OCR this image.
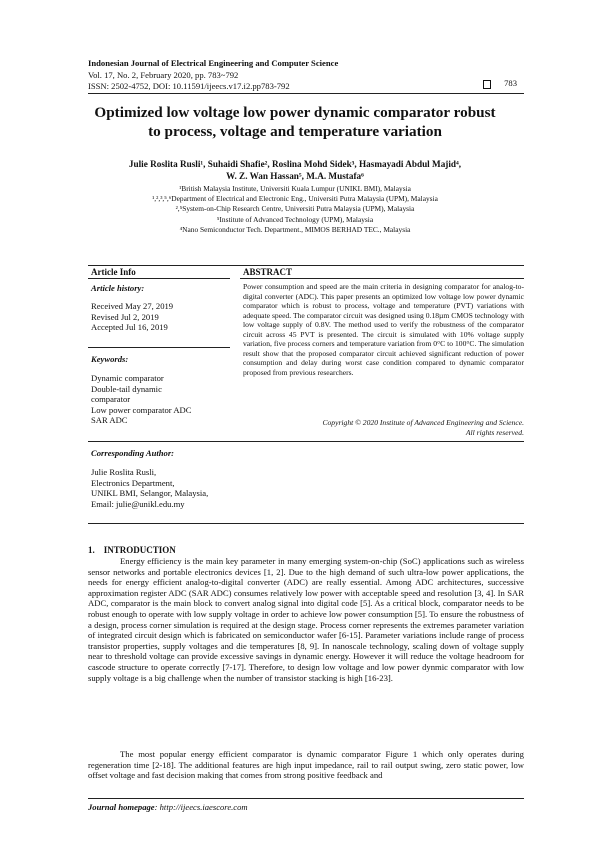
Indonesian Journal of Electrical Engineering and Computer Science
Vol. 17, No. 2, February 2020, pp. 783~792
ISSN: 2502-4752, DOI: 10.11591/ijeecs.v17.i2.pp783-792	783
Optimized low voltage low power dynamic comparator robust
to process, voltage and temperature variation
Julie Roslita Rusli¹, Suhaidi Shafie², Roslina Mohd Sidek³, Hasmayadi Abdul Majid⁴,
W. Z. Wan Hassan⁵, M.A. Mustafa⁶
¹British Malaysia Institute, Universiti Kuala Lumpur (UNIKL BMI), Malaysia
¹,²,³,⁵,⁶Department of Electrical and Electronic Eng., Universiti Putra Malaysia (UPM), Malaysia
²,⁵System-on-Chip Research Centre, Universiti Putra Malaysia (UPM), Malaysia
⁵Institute of Advanced Technology (UPM), Malaysia
⁴Nano Semiconductor Tech. Department., MIMOS BERHAD TEC., Malaysia
Article Info	ABSTRACT
Article history:
Received May 27, 2019
Revised Jul 2, 2019
Accepted Jul 16, 2019
Keywords:
Dynamic comparator
Double-tail dynamic
comparator
Low power comparator ADC
SAR ADC
Power consumption and speed are the main criteria in designing comparator for analog-to-digital converter (ADC). This paper presents an optimized low voltage low power dynamic comparator which is robust to process, voltage and temperature (PVT) variations with adequate speed. The comparator circuit was designed using 0.18µm CMOS technology with low voltage supply of 0.8V. The method used to verify the robustness of the comparator circuit across 45 PVT is presented. The circuit is simulated with 10% voltage supply variation, five process corners and temperature variation from 0°C to 100°C. The simulation result show that the proposed comparator circuit achieved significant reduction of power consumption and delay during worst case condition compared to dynamic comparator proposed from previous researchers.
Copyright © 2020 Institute of Advanced Engineering and Science.
All rights reserved.
Corresponding Author:
Julie Roslita Rusli,
Electronics Department,
UNIKL BMI, Selangor, Malaysia,
Email: julie@unikl.edu.my
1.    INTRODUCTION
Energy efficiency is the main key parameter in many emerging system-on-chip (SoC) applications such as wireless sensor networks and portable electronics devices [1, 2]. Due to the high demand of such ultra-low power applications, the needs for energy efficient analog-to-digital converter (ADC) are really essential. Among ADC architectures, successive approximation register ADC (SAR ADC) consumes relatively low power with acceptable speed and resolution [3, 4]. In SAR ADC, comparator is the main block to convert analog signal into digital code [5]. As a critical block, comparator needs to be robust enough to operate with low supply voltage in order to achieve low power consumption [5]. To ensure the robustness of a design, process corner simulation is required at the design stage. Process corner represents the extremes parameter variation of integrated circuit design which is fabricated on semiconductor wafer [6-15]. Parameter variations include range of process transistor properties, supply voltages and die temperatures [8, 9]. In nanoscale technology, scaling down of voltage supply near to threshold voltage can provide excessive savings in dynamic energy. However it will reduce the voltage headroom for cascode structure to operate correctly [7-17]. Therefore, to design low voltage and low power dynmic comparator with low supply voltage is a big challenge when the number of transistor stacking is high [16-23].
The most popular energy efficient comparator is dynamic comparator Figure 1 which only operates during regeneration time [2-18]. The additional features are high input impedance, rail to rail output swing, zero static power, low offset voltage and fast decision making that comes from strong positive feedback and
Journal homepage: http://ijeecs.iaescore.com
